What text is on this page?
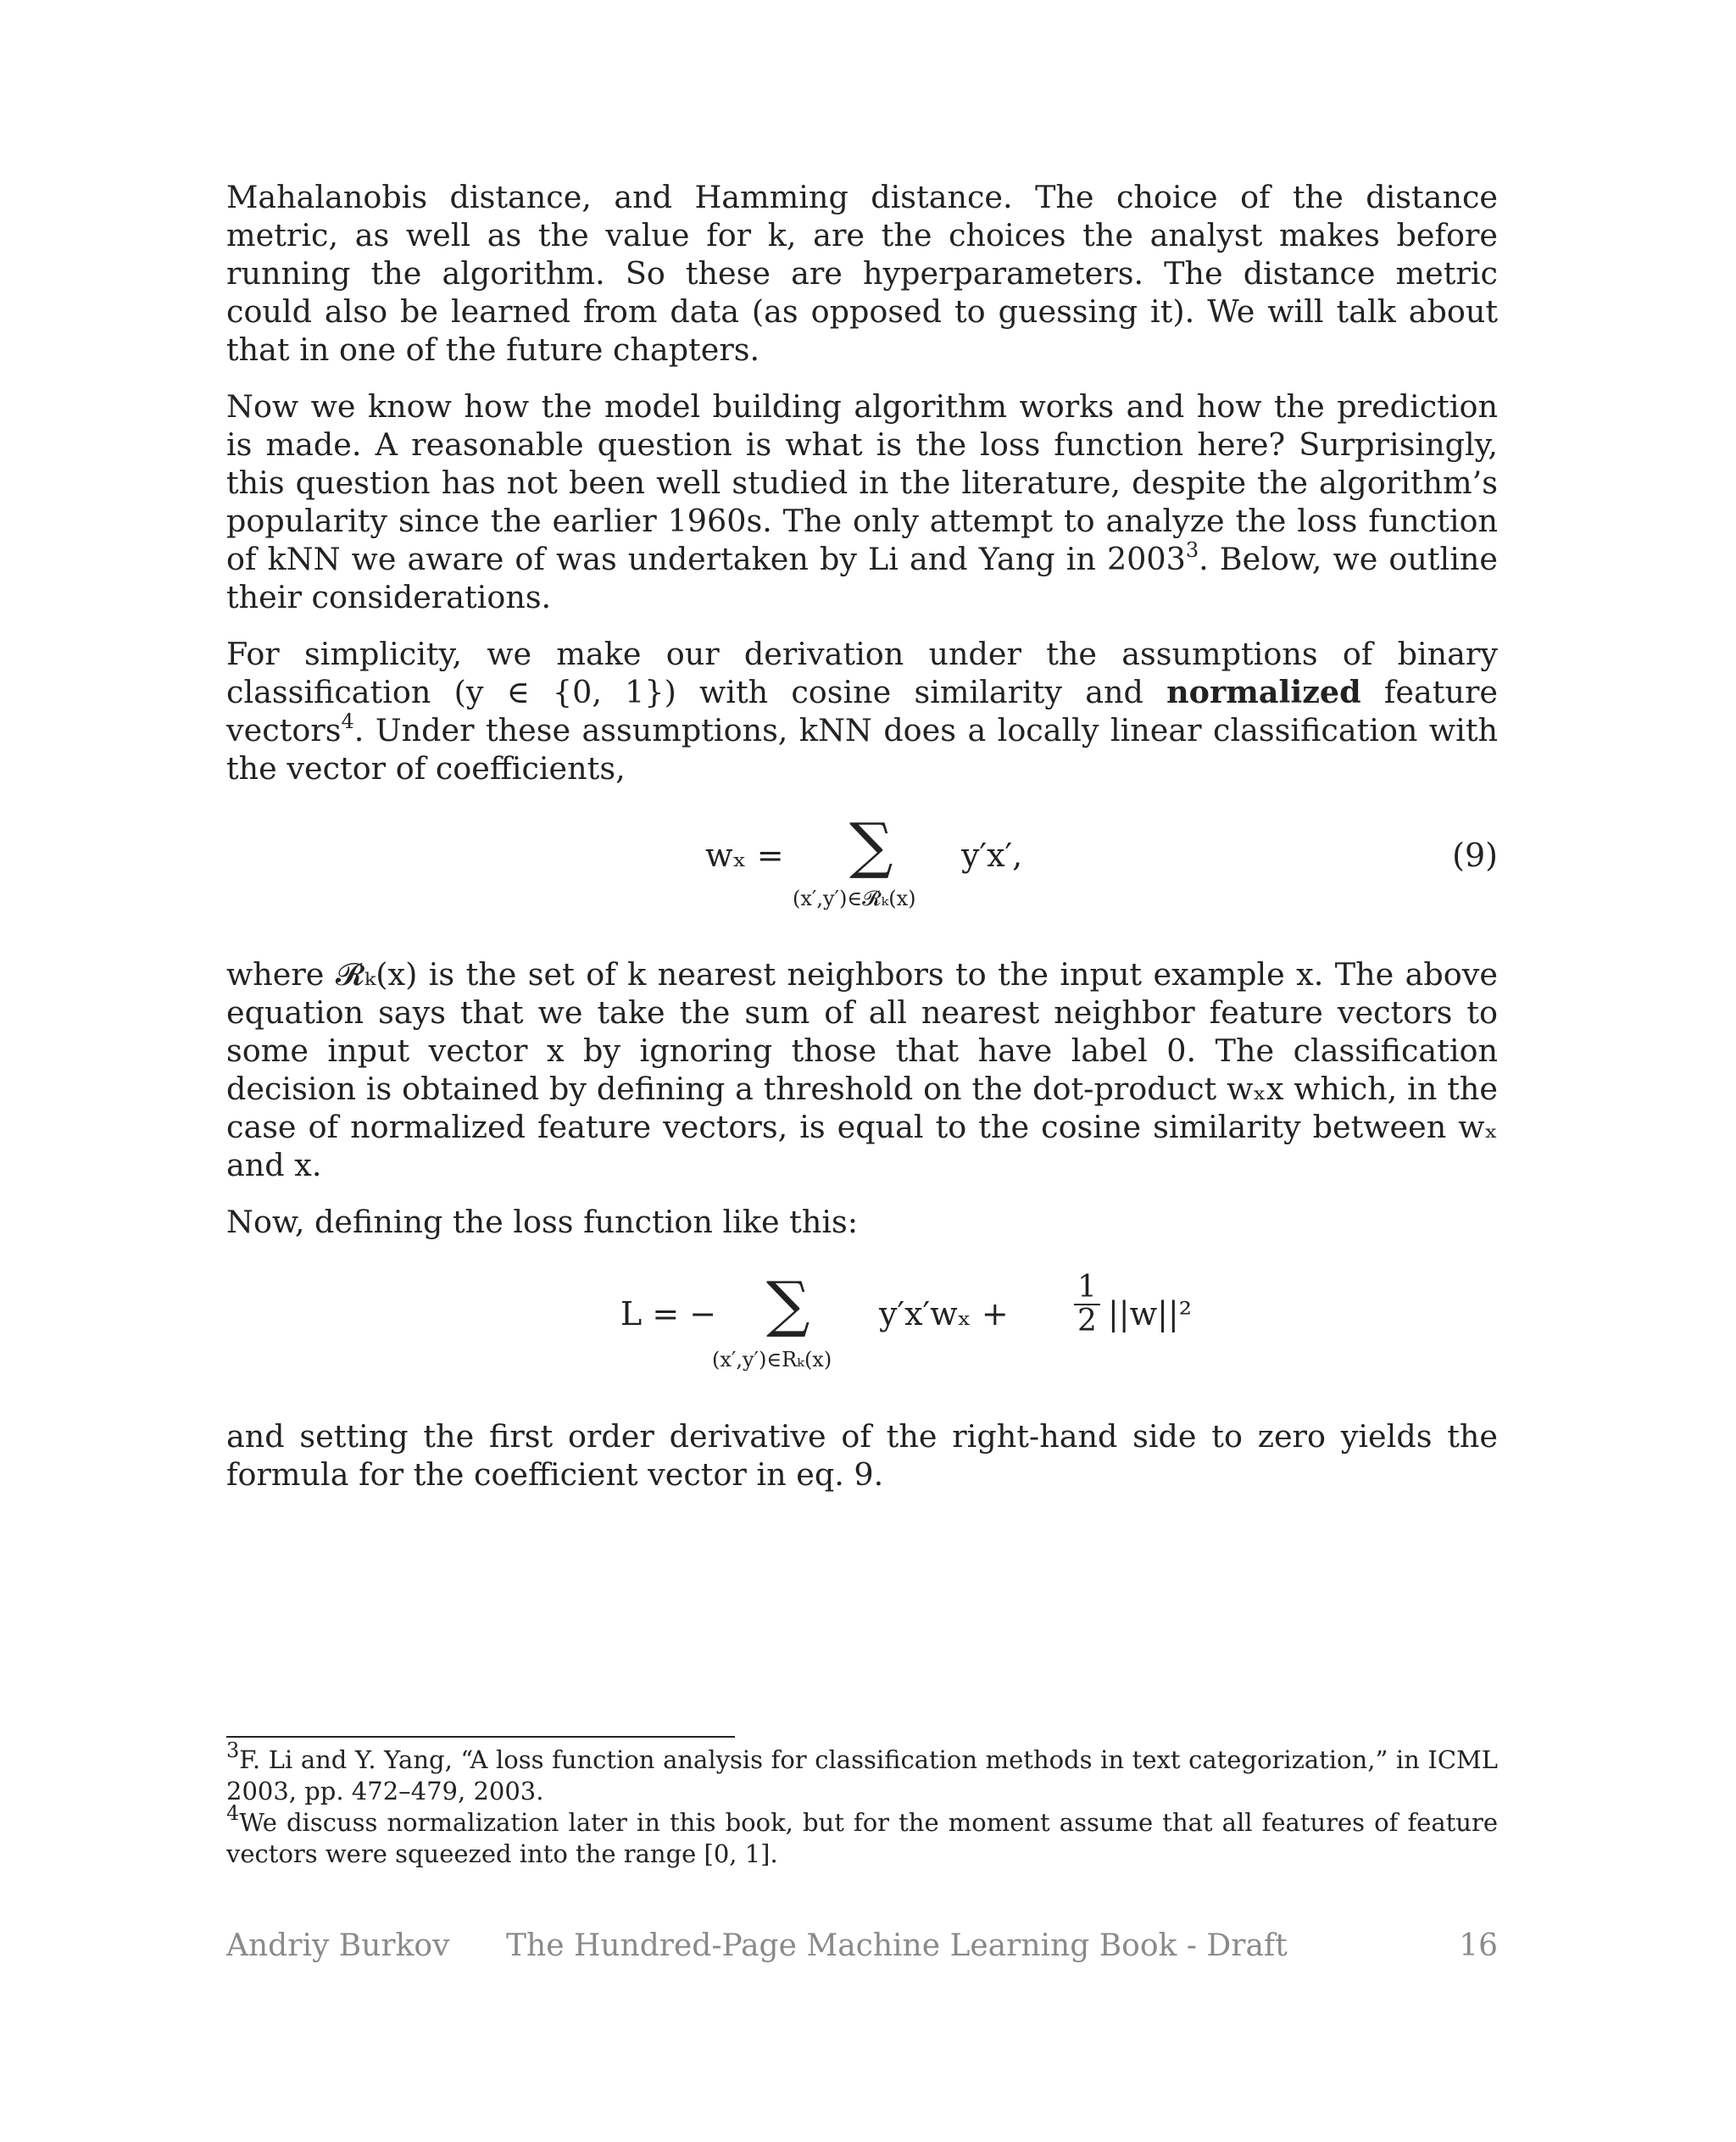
Mahalanobis distance, and Hamming distance. The choice of the distance metric, as well as the value for k, are the choices the analyst makes before running the algorithm. So these are hyperparameters. The distance metric could also be learned from data (as opposed to guessing it). We will talk about that in one of the future chapters.

Now we know how the model building algorithm works and how the prediction is made. A reasonable question is what is the loss function here? Surprisingly, this question has not been well studied in the literature, despite the algorithm’s popularity since the earlier 1960s. The only attempt to analyze the loss function of kNN we aware of was undertaken by Li and Yang in 2003$^3$. Below, we outline their considerations.

For simplicity, we make our derivation under the assumptions of binary classification (y ∈ {0, 1}) with cosine similarity and normalized feature vectors$^4$. Under these assumptions, kNN does a locally linear classification with the vector of coefficients,

wₓ = ∑
(x′,y′)∈𝓡ₖ(x)
y′x′,	(9)

where 𝓡ₖ(x) is the set of k nearest neighbors to the input example x. The above equation says that we take the sum of all nearest neighbor feature vectors to some input vector x by ignoring those that have label 0. The classification decision is obtained by defining a threshold on the dot-product wₓx which, in the case of normalized feature vectors, is equal to the cosine similarity between wₓ and x.

Now, defining the loss function like this:

L = − ∑
(x′,y′)∈Rₖ(x)
$y'x'w_x + \frac{1}{2} ||w||^2$

and setting the first order derivative of the right-hand side to zero yields the formula for the coefficient vector in eq. 9.

$^3$F. Li and Y. Yang, “A loss function analysis for classification methods in text categorization,” in ICML 2003, pp. 472–479, 2003.

$^4$We discuss normalization later in this book, but for the moment assume that all features of feature vectors were squeezed into the range [0, 1].

Andriy Burkov The Hundred-Page Machine Learning Book - Draft	16
